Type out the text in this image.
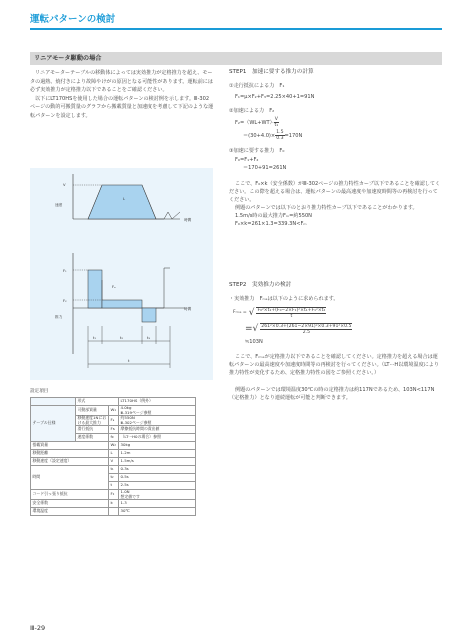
運転パターンの検討
リニアモータ駆動の場合

リニアモーターテーブルの移動体によっては実効推力が定格推力を超え、モータの過熱、焼付きにより故障やけがの原因となる可能性があります。運転前には必ず実効推力が定格推力以下であることをご確認ください。

以下にLT170HSを使用した場合の運転パターンの検討例を示します。Ⅲ-302ページの動的可搬質量のグラフから搬載質量と加速度を考慮して下記のような運転パターンを設定します。

V
速度
L
時間
F₁
Fₐ
F₂
推力
時間
t₁	t₂	t₃
t
設定項目
	形式		LT170HS（例外）
テーブル仕様	可動部質量	W₁	4.0kg
Ⅲ-319ページ参照
	移動速度1Nにおける最大推力	Fₐ	約550N
Ⅲ-302ページ参照
	滑行抵抗	Fs	摩擦抵抗時間の責出値
	速度係数	fc	（LT···H0の場合）参照
搭載質量		W₂	30kg
移動距離		L	1.2m
移動速度（設定速度）		V	1.5m/s
時間		t₁	0.3s
		t₂	0.5s
		t	2.5s
コード引っ張り抵抗		F₂	1.0N
想定値です
安全係数		k	1.3
環境温度			30℃
STEP1　加速に要する推力の計算
①走行抵抗による力　F₁
F₁=μ×F₂+F₃=2.25×40+1=91N
②加速による力　F₂
$F_2=(WL+WT)\cdot \frac{V}{\text{t₁}}$
$=(30+4.0)\times \frac{1.5}{0.3} =170N$
③加速に要する推力　F₀
F₀=F₁+F₂
＝170+91=261N
ここで、F₀×k（安全係数）がⅢ-302ページの推力特性カーブ以下であることを確認してください。この際を超える場合は、運転パターンの最高速度や加速度時間等の再検討を行ってください。
例題のパターンでは以下のとおり推力特性カーブ以下であることがわかります。
1.5m/s時の最大推力Fₘ=約550N
F₀×k=261×1.3=339.3N<Fₘ
STEP2　実効推力の検討
・実効推力　Fₘₛは以下のように求められます。
Fᵣₘₛ = √ $\frac{\text{F₀²×t₁+(F₀−2×F₁)²×t₁+F₁²×t₂}}{t}$
=√ $\frac{\text{261²×0.3+(261−2×91)²×0.3+91²×0.5}}{2.5}$
≒103N
ここで、Fᵣₘₛが定格推力以下であることを確認してください。定格推力を超える場合は運転パターンの最高速度や加速度時間等の再検討を行ってください。（LT···H以環境温度により推力特性が変化するため、定格推力特性の図をご参照ください。）
例題のパターンでは環境温度30℃の時の定格推力は約117Nであるため、103N<117N（定格推力）となり連続運転が可能と判断できます。
Ⅲ-29
